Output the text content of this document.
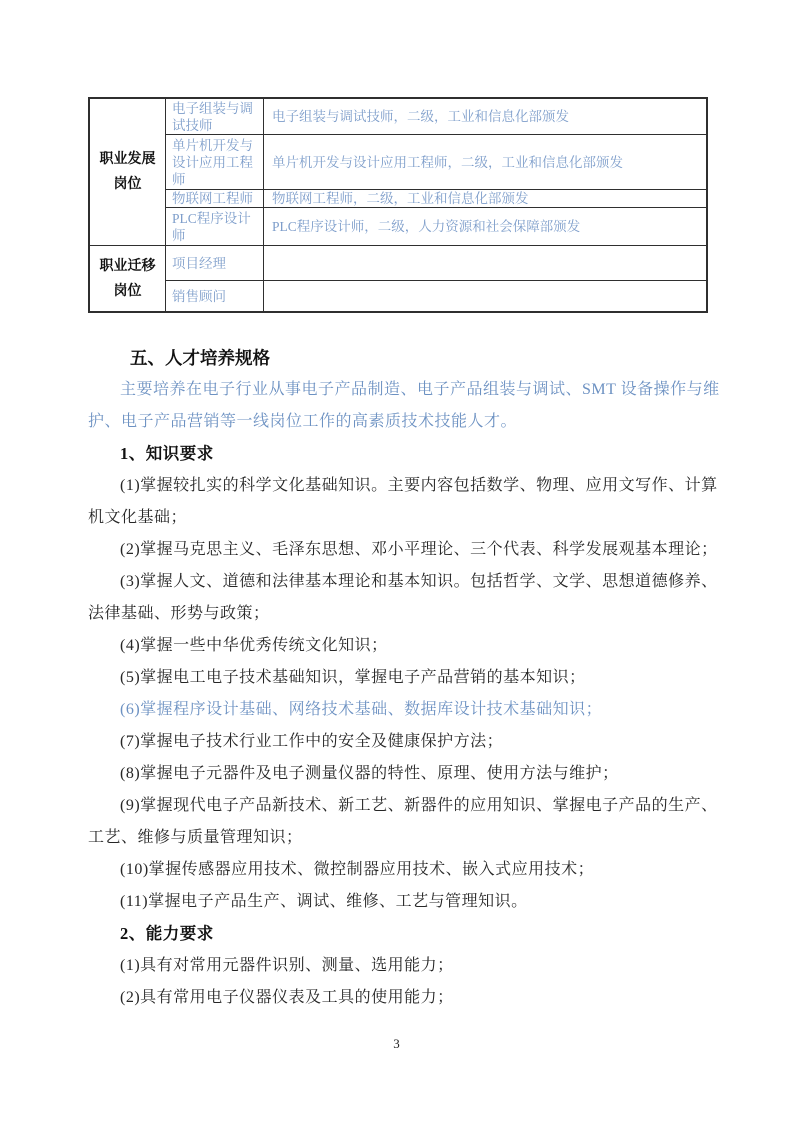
职业发展
岗位
电子组装与调试技师
电子组装与调试技师，二级，工业和信息化部颁发
单片机开发与设计应用工程师
单片机开发与设计应用工程师，二级，工业和信息化部颁发
物联网工程师	物联网工程师，二级，工业和信息化部颁发
PLC程序设计师
PLC程序设计师，二级，人力资源和社会保障部颁发
职业迁移
岗位
项目经理
销售顾问
五、人才培养规格
主要培养在电子行业从事电子产品制造、电子产品组装与调试、SMT 设备操作与维
护、电子产品营销等一线岗位工作的高素质技术技能人才。
1、知识要求
(1)掌握较扎实的科学文化基础知识。主要内容包括数学、物理、应用文写作、计算
机文化基础；
(2)掌握马克思主义、毛泽东思想、邓小平理论、三个代表、科学发展观基本理论；
(3)掌握人文、道德和法律基本理论和基本知识。包括哲学、文学、思想道德修养、
法律基础、形势与政策；
(4)掌握一些中华优秀传统文化知识；
(5)掌握电工电子技术基础知识，掌握电子产品营销的基本知识；
(6)掌握程序设计基础、网络技术基础、数据库设计技术基础知识；
(7)掌握电子技术行业工作中的安全及健康保护方法；
(8)掌握电子元器件及电子测量仪器的特性、原理、使用方法与维护；
(9)掌握现代电子产品新技术、新工艺、新器件的应用知识、掌握电子产品的生产、
工艺、维修与质量管理知识；
(10)掌握传感器应用技术、微控制器应用技术、嵌入式应用技术；
(11)掌握电子产品生产、调试、维修、工艺与管理知识。
2、能力要求
(1)具有对常用元器件识别、测量、选用能力；
(2)具有常用电子仪器仪表及工具的使用能力；
3
